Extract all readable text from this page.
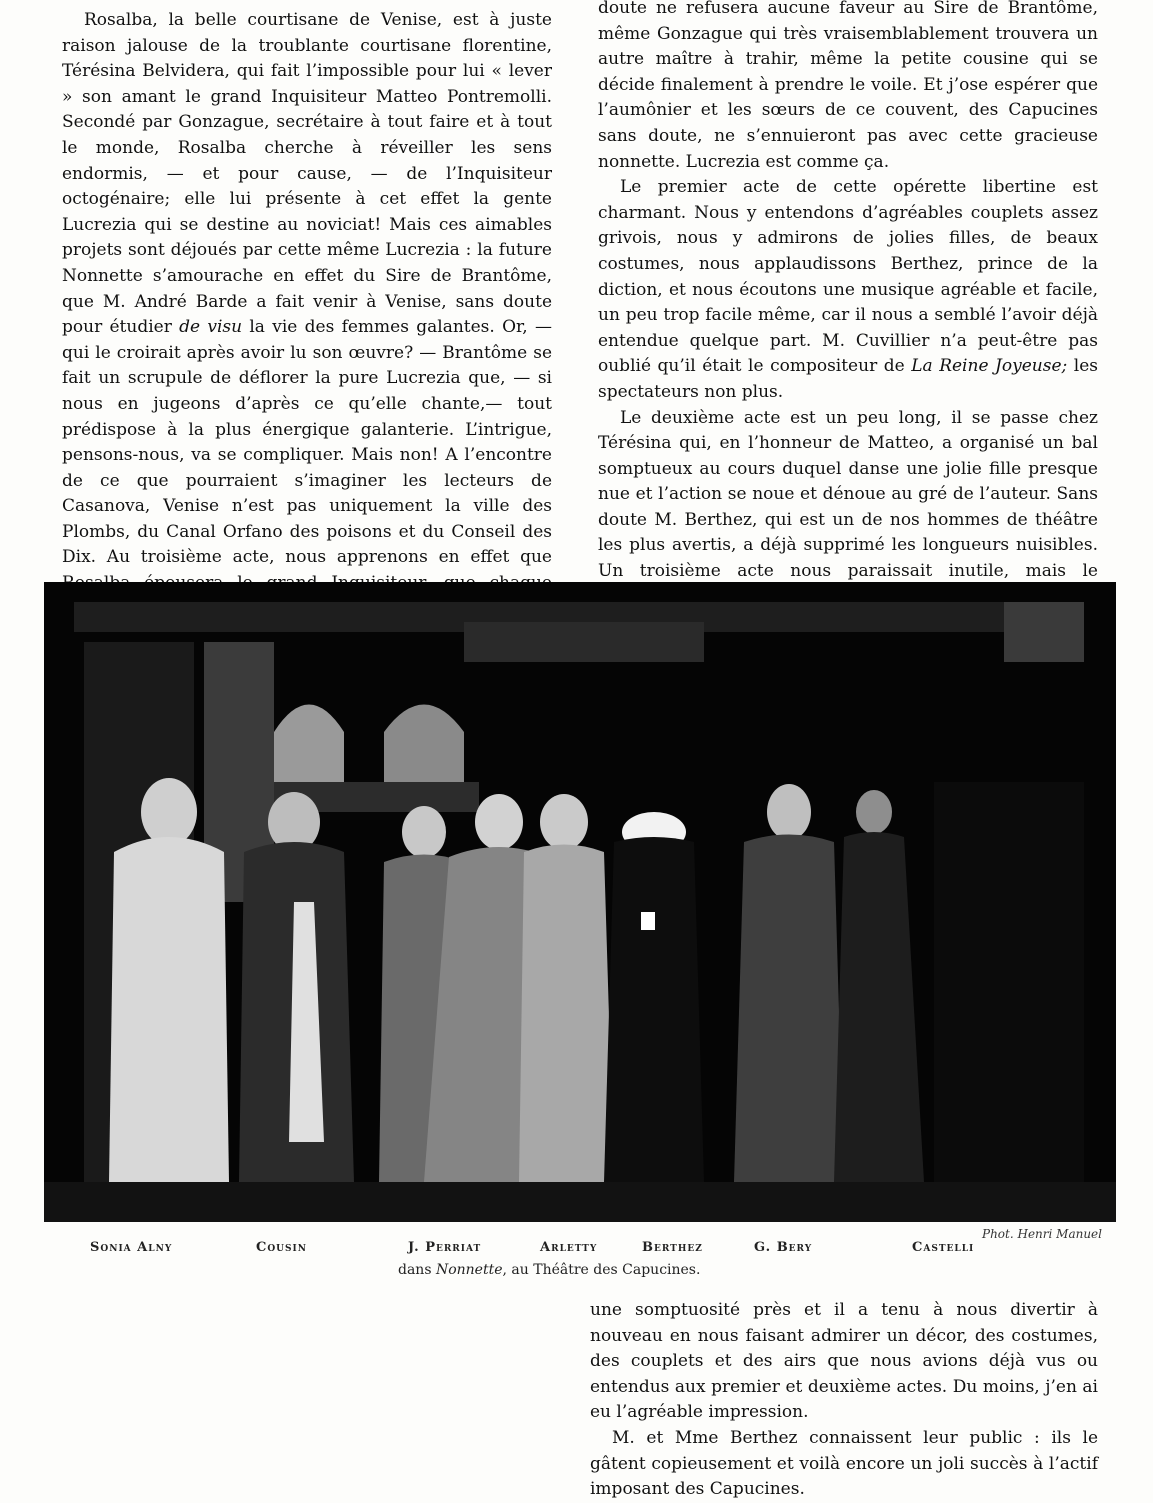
Rosalba, la belle courtisane de Venise, est à juste raison jalouse de la troublante courtisane florentine, Térésina Belvidera, qui fait l’impossible pour lui « lever » son amant le grand Inquisiteur Matteo Pontremolli. Secondé par Gonzague, secrétaire à tout faire et à tout le monde, Rosalba cherche à réveiller les sens endormis, — et pour cause, — de l’Inquisiteur octogénaire; elle lui présente à cet effet la gente Lucrezia qui se destine au noviciat! Mais ces aimables projets sont déjoués par cette même Lucrezia : la future Nonnette s’amourache en effet du Sire de Brantôme, que M. André Barde a fait venir à Venise, sans doute pour étudier de visu la vie des femmes galantes. Or, — qui le croirait après avoir lu son œuvre? — Brantôme se fait un scrupule de déflorer la pure Lucrezia que, — si nous en jugeons d’après ce qu’elle chante,— tout prédispose à la plus énergique galanterie. L’intrigue, pensons-nous, va se compliquer. Mais non! A l’encontre de ce que pourraient s’imaginer les lecteurs de Casanova, Venise n’est pas uniquement la ville des Plombs, du Canal Orfano des poisons et du Conseil des Dix. Au troisième acte, nous apprenons en effet que

doute ne refusera aucune faveur au Sire de Brantôme, même Gonzague qui très vraisemblablement trouvera un autre maître à trahir, même la petite cousine qui se décide finalement à prendre le voile. Et j’ose espérer que l’aumônier et les sœurs de ce couvent, des Capucines sans doute, ne s’ennuieront pas avec cette gracieuse nonnette. Lucrezia est comme ça.

Le premier acte de cette opérette libertine est charmant. Nous y entendons d’agréables couplets assez grivois, nous y admirons de jolies filles, de beaux costumes, nous applaudissons Berthez, prince de la diction, et nous écoutons une musique agréable et facile, un peu trop facile même, car il nous a semblé l’avoir déjà entendue quelque part. M. Cuvillier n’a peut-être pas oublié qu’il était le compositeur de La Reine Joyeuse; les spectateurs non plus.

Le deuxième acte est un peu long, il se passe chez Térésina qui, en l’honneur de Matteo, a organisé un bal somptueux au cours duquel danse une jolie fille presque nue et l’action se noue et dénoue au gré de l’auteur. Sans doute M. Berthez, qui est un de nos hommes de théâtre les plus avertis, a déjà supprimé les longueurs nuisibles. Un troisième acte nous paraissait inutile, mais le

Phot. Henri Manuel
Sonia Alny	Cousin	J. Perriat	Arletty	Berthez	G. Bery	Castelli
dans Nonnette, au Théâtre des Capucines.

une somptuosité près et il a tenu à nous divertir à nouveau en nous faisant admirer un décor, des costumes, des couplets et des airs que nous avions déjà vus ou entendus aux premier et deuxième actes. Du moins, j’en ai eu l’agréable impression.

M. et Mme Berthez connaissent leur public : ils le gâtent copieusement et voilà encore un joli succès à l’actif imposant des Capucines.
